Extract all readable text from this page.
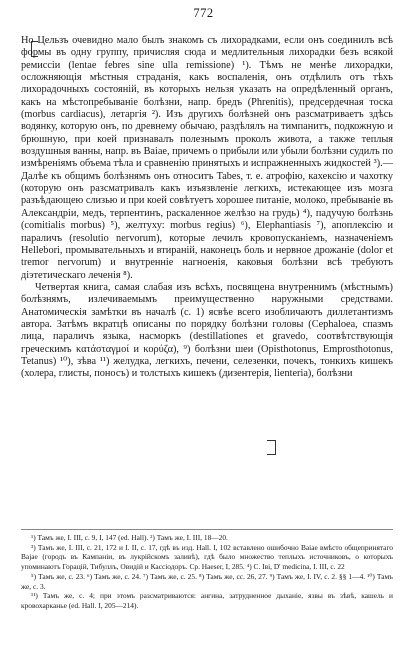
772

Но Цельзъ очевидно мало былъ знакомъ съ лихорадками, если онъ соединилъ всѣ формы въ одну группу, причисляя сюда и медлительныя лихорадки безъ всякой ремиссіи (lentae febres sine ulla remissione) ¹). Тѣмъ не менѣе лихорадки, осложняющія мѣстныя страданія, какъ воспаленія, онъ отдѣлилъ отъ тѣхъ лихорадочныхъ состояній, въ которыхъ нельзя указать на опредѣленный органъ, какъ на мѣстопребываніе болѣзни, напр. бредъ (Phrenitis), предсердечная тоска (morbus cardiacus), летаргія ²). Изъ другихъ болѣзней онъ разсматриваетъ здѣсь водянку, которую онъ, по древнему обычаю, раздѣлялъ на тимпанитъ, подкожную и брюшную, при коей признавалъ полезнымъ проколъ живота, а также теплыя воздушныя ванны, напр. въ Ваіае, причемъ о прибыли или убыли болѣзни судилъ по измѣреніямъ объема тѣла и сравненію принятыхъ и испражненныхъ жидкостей ³).—Далѣе къ общимъ болѣзнямъ онъ относитъ Tabes, т. е. атрофію, кахексію и чахотку (которую онъ разсматривалъ какъ изъязвленіе легкихъ, истекающее изъ мозга разъѣдающею слизью и при коей совѣтуетъ хорошее питаніе, молоко, пребываніе въ Александріи, медъ, терпентинъ, раскаленное желѣзо на грудь) ⁴), падучую болѣзнь (comitialis morbus) ⁵), желтуху: morbus regius) ⁶), Elephantiasis ⁷), апоплексію и параличъ (resolutio nervorum), которые лечилъ кровопусканіемъ, назначеніемъ Hellebori, промывательныхъ и втираній, наконецъ боль и нервное дрожаніе (dolor et tremor nervorum) и внутренніе нагноенія, каковыя болѣзни всѣ требуютъ діэтетическаго леченія ⁸).

Четвертая книга, самая слабая изъ всѣхъ, посвящена внутреннимъ (мѣстнымъ) болѣзнямъ, излечиваемымъ преимущественно наружными средствами. Анатомическія замѣтки въ началѣ (с. 1) ясвѣе всего изобличаютъ диллетантизмъ автора. Затѣмъ вкратцѣ описаны по порядку болѣзни головы (Cephaloea, спазмъ лица, параличъ языка, насморкъ (destillationes et gravedo, соотвѣтствующія греческимъ κατάσταγμοί и κορύζα), ⁹) болѣзни шеи (Opisthotonus, Emprosthotonus, Tetanus) ¹⁰), зѣва ¹¹) желудка, легкихъ, печени, селезенки, почекъ, тонкихъ кишекъ (холера, глисты, поносъ) и толстыхъ кишекъ (дизентерія, lienteria), болѣзни

¹) Тамъ же, І. ІІІ, с. 9, І, 147 (ed. Hall). ²) Тамъ же, І. ІІІ, 18—20.

³) Тамъ же, І. ІІІ, с. 21, 172 и І. ІІ, с. 17, гдѣ въ изд. Hall. І, 102 вставлено ошибочно Ваіае вмѣсто общепринятаго Ваjае (городъ въ Кампаніи, въ лукрійскомъ заливѣ), гдѣ было множество теплыхъ источниковъ, о которыхъ упоминаютъ Горацій, Тибуллъ, Овидій и Кассіодоръ. Ср. Haeser, І, 285. ⁴) С. Іві, D' medicina, І. ІІІ, с. 22

⁵) Тамъ же, с. 23. ⁶) Тамъ же, с. 24. ⁷) Тамъ же, с. 25. ⁸) Тамъ же, сс. 26, 27. ⁹) Тамъ же, І. IV, с. 2. §§ 1—4. ¹⁰) Тамъ же, с. 3.

¹¹) Тамъ же, с. 4; при этомъ разсматриваются: ангина, затрудненное дыханіе, язвы въ зѣвѣ, кашель и кровохарканье (ed. Hall. І, 205—214).
